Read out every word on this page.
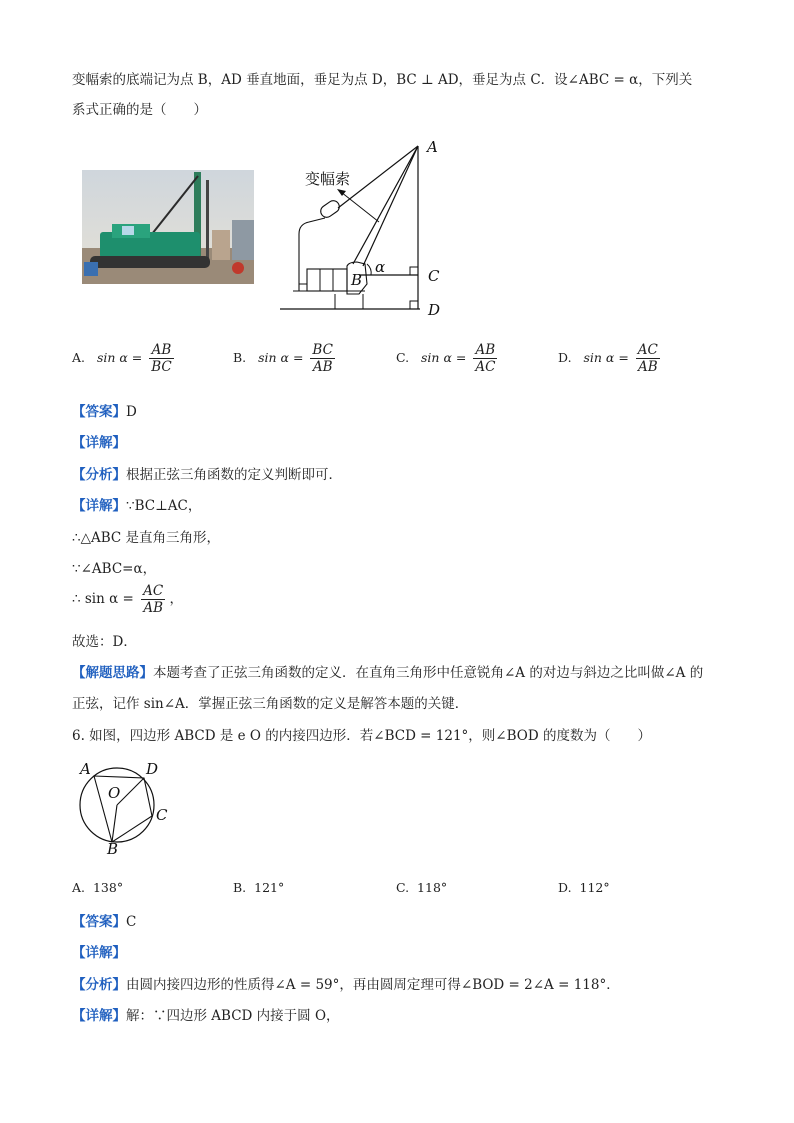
变幅索的底端记为点 B，AD 垂直地面，垂足为点 D，BC ⊥ AD，垂足为点 C．设∠ABC = α，下列关
系式正确的是（　　）
A
B	C
D
α
变幅索
A. $\sin \alpha = \frac{AB}{BC}$	B. $\sin \alpha = \frac{BC}{AB}$	C. $\sin \alpha = \frac{AB}{AC}$	D. $\sin \alpha = \frac{AC}{AB}$
【答案】D
【详解】
【分析】根据正弦三角函数的定义判断即可．
【详解】∵BC⊥AC，
∴△ABC 是直角三角形，
∵∠ABC=α，
∴ $\sin \alpha = \frac{AC}{AB}$ ，
故选：D．
【解题思路】本题考查了正弦三角函数的定义．在直角三角形中任意锐角∠A 的对边与斜边之比叫做∠A 的
正弦，记作 sin∠A．掌握正弦三角函数的定义是解答本题的关键．
6. 如图，四边形 ABCD 是 e O 的内接四边形．若∠BCD = 121°，则∠BOD 的度数为（　　）
A	D
C
B
O
A. 138°	B. 121°	C. 118°	D. 112°
【答案】C
【详解】
【分析】由圆内接四边形的性质得∠A = 59°，再由圆周定理可得∠BOD = 2∠A = 118°．
【详解】解：∵四边形 ABCD 内接于圆 O，
